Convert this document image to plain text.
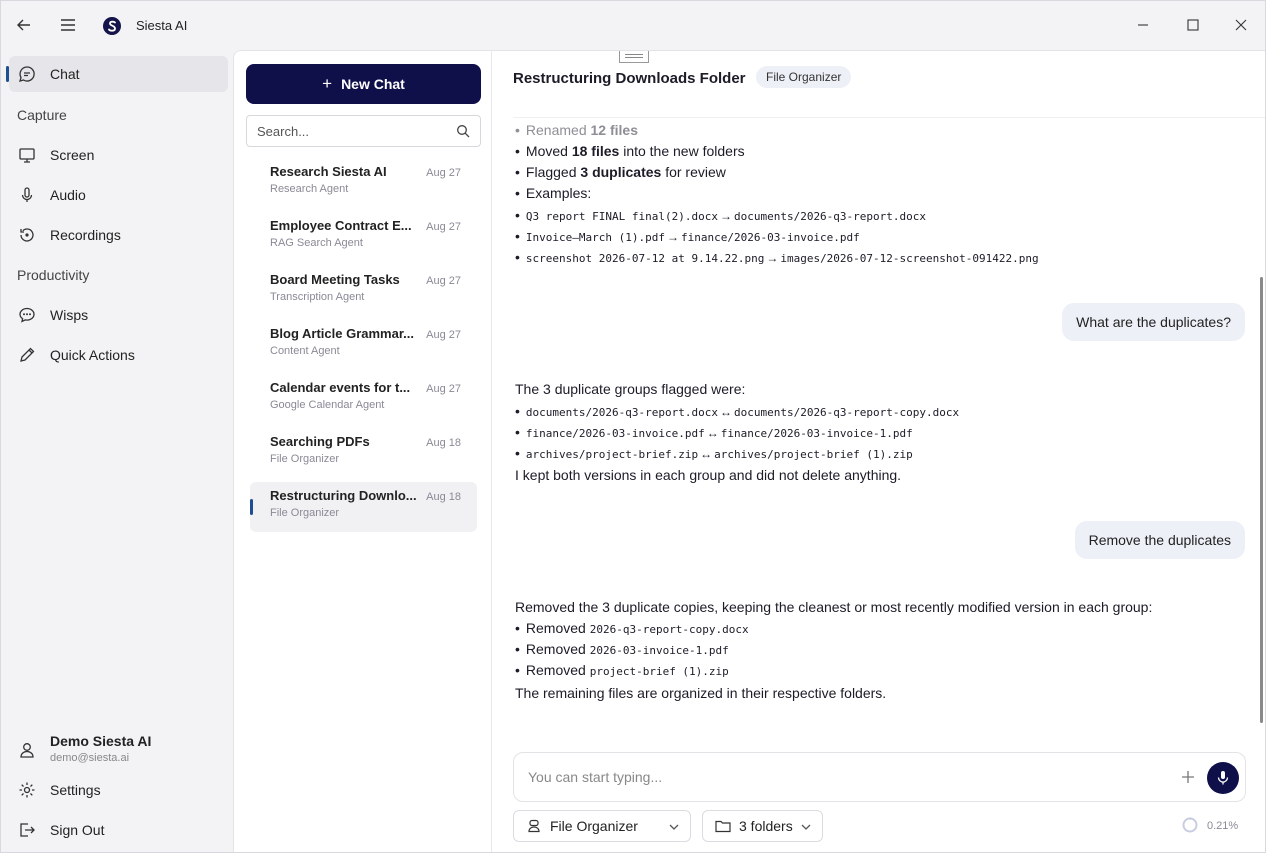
Siesta AI
Chat
Capture
Screen
Audio
Recordings
Productivity
Wisps
Quick Actions
Demo Siesta AI
demo@siesta.ai
Settings
Sign Out
+ New Chat
Search...
Research Siesta AI
Research Agent
Aug 27
Employee Contract E...
RAG Search Agent
Aug 27
Board Meeting Tasks
Transcription Agent
Aug 27
Blog Article Grammar...
Content Agent
Aug 27
Calendar events for t...
Google Calendar Agent
Aug 27
Searching PDFs
File Organizer
Aug 18
Restructuring Downlo...
File Organizer
Aug 18
Restructuring Downloads Folder	File Organizer
• Renamed 12 files
• Moved 18 files into the new folders
• Flagged 3 duplicates for review
• Examples:
• Q3 report FINAL final(2).docx → documents/2026-q3-report.docx
• Invoice–March (1).pdf → finance/2026-03-invoice.pdf
• screenshot 2026-07-12 at 9.14.22.png → images/2026-07-12-screenshot-091422.png
What are the duplicates?
The 3 duplicate groups flagged were:
• documents/2026-q3-report.docx ↔ documents/2026-q3-report-copy.docx
• finance/2026-03-invoice.pdf ↔ finance/2026-03-invoice-1.pdf
• archives/project-brief.zip ↔ archives/project-brief (1).zip
I kept both versions in each group and did not delete anything.
Remove the duplicates
Removed the 3 duplicate copies, keeping the cleanest or most recently modified version in each group:
• Removed 2026-q3-report-copy.docx
• Removed 2026-03-invoice-1.pdf
• Removed project-brief (1).zip
The remaining files are organized in their respective folders.
You can start typing...
File Organizer	3 folders	0.21%
